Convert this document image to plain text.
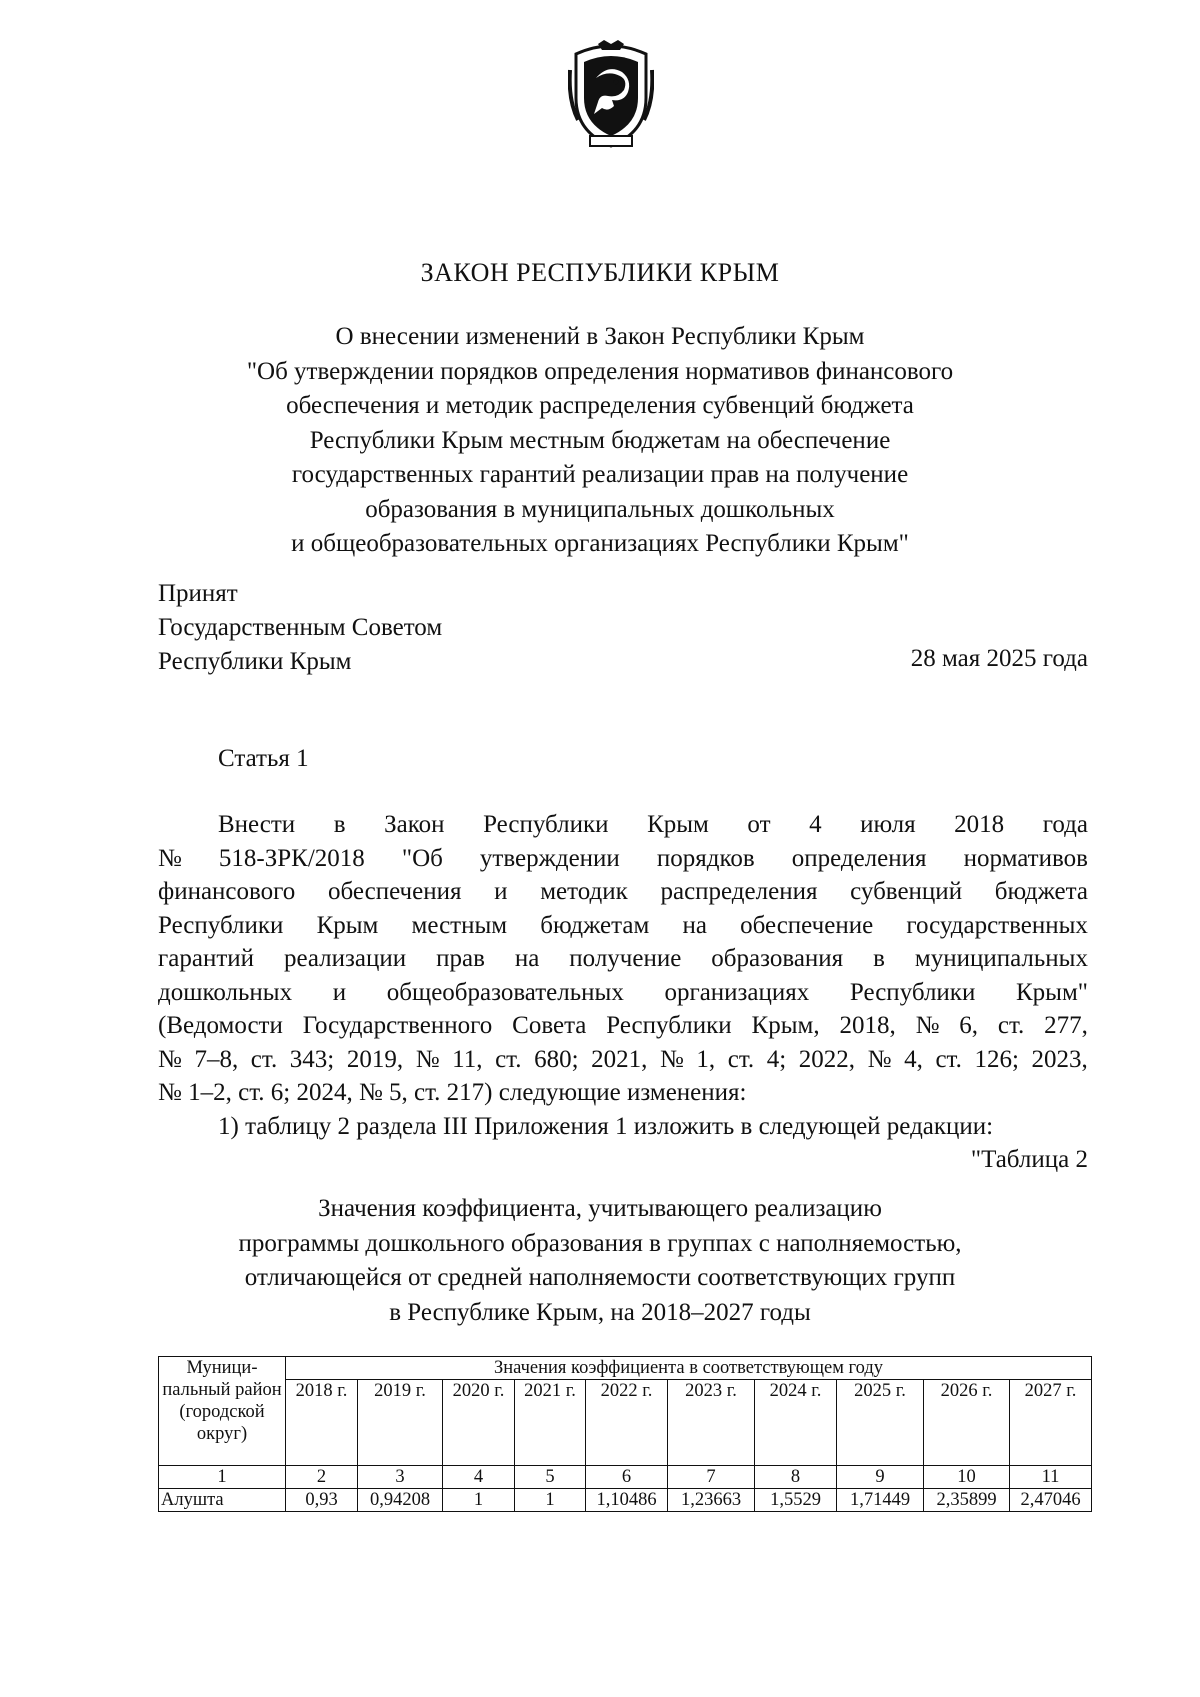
ЗАКОН РЕСПУБЛИКИ КРЫМ
О внесении изменений в Закон Республики Крым
"Об утверждении порядков определения нормативов финансового
обеспечения и методик распределения субвенций бюджета
Республики Крым местным бюджетам на обеспечение
государственных гарантий реализации прав на получение
образования в муниципальных дошкольных
и общеобразовательных организациях Республики Крым"
Принят
Государственным Советом
Республики Крым	28 мая 2025 года
Статья 1
Внести в Закон Республики Крым от 4 июля 2018 года
№ 518-ЗРК/2018 "Об утверждении порядков определения нормативов
финансового обеспечения и методик распределения субвенций бюджета
Республики Крым местным бюджетам на обеспечение государственных
гарантий реализации прав на получение образования в муниципальных
дошкольных и общеобразовательных организациях Республики Крым"
(Ведомости Государственного Совета Республики Крым, 2018, № 6, ст. 277,
№ 7–8, ст. 343; 2019, № 11, ст. 680; 2021, № 1, ст. 4; 2022, № 4, ст. 126; 2023,
№ 1–2, ст. 6; 2024, № 5, ст. 217) следующие изменения:
1) таблицу 2 раздела III Приложения 1 изложить в следующей редакции:
"Таблица 2
Значения коэффициента, учитывающего реализацию
программы дошкольного образования в группах с наполняемостью,
отличающейся от средней наполняемости соответствующих групп
в Республике Крым, на 2018–2027 годы
Муници-пальный район (городской округ)	Значения коэффициента в соответствующем году									
	2018 г.	2019 г.	2020 г.	2021 г.	2022 г.	2023 г.	2024 г.	2025 г.	2026 г.	2027 г.
1	2	3	4	5	6	7	8	9	10	11
Алушта	0,93	0,94208	1	1	1,10486	1,23663	1,5529	1,71449	2,35899	2,47046
